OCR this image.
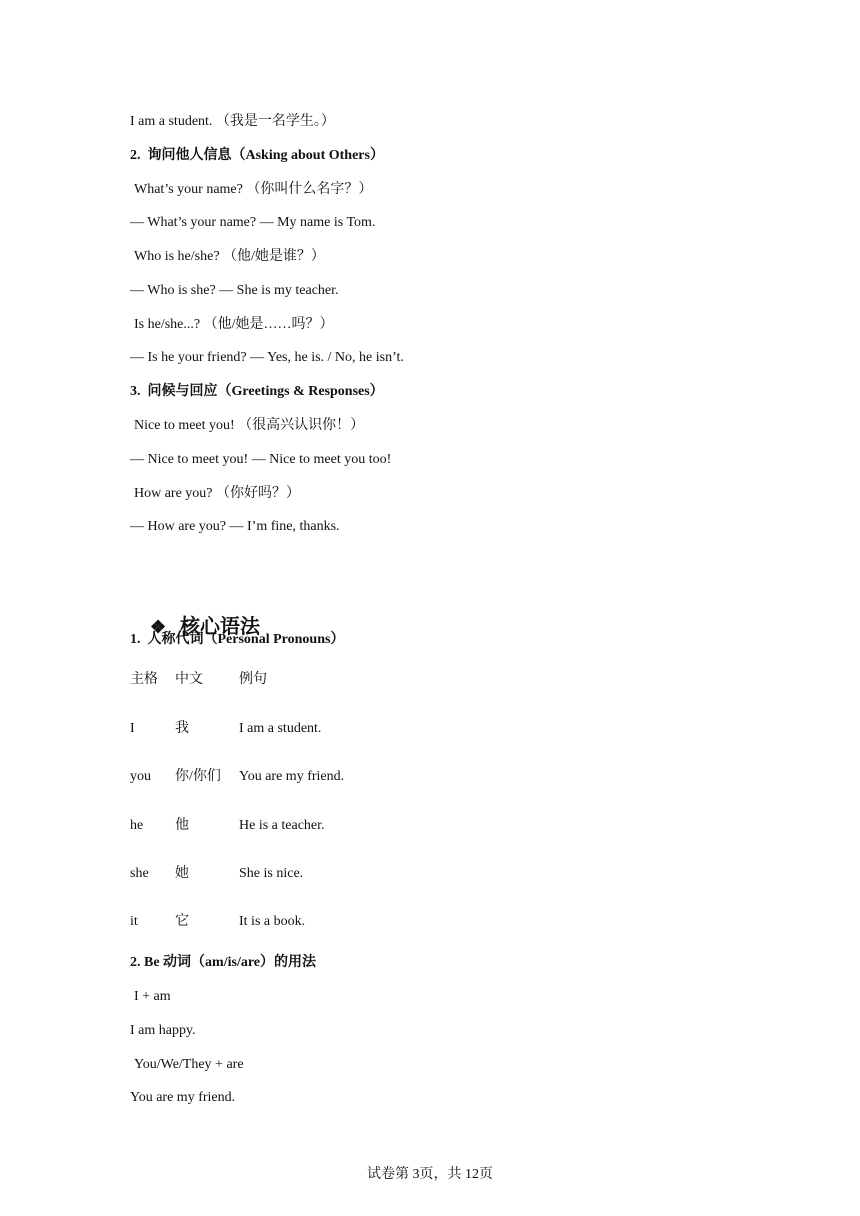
I am a student. （我是一名学生。）
2.  询问他人信息（Asking about Others）
What’s your name? （你叫什么名字？）
— What’s your name? — My name is Tom.
Who is he/she? （他/她是谁？）
— Who is she? — She is my teacher.
Is he/she...? （他/她是……吗？）
— Is he your friend? — Yes, he is. / No, he isn’t.
3.  问候与回应（Greetings & Responses）
Nice to meet you! （很高兴认识你！）
— Nice to meet you! — Nice to meet you too!
How are you? （你好吗？）
— How are you? — I’m fine, thanks.

❖ 核心语法

1.  人称代词（Personal Pronouns）
主格 中文	例句
I	我	I am a student.
you 你/你们 You are my friend.
he 他	He is a teacher.
she 她	She is nice.
it	它	It is a book.
2. Be 动词（am/is/are）的用法
I + am
I am happy.
You/We/They + are
You are my friend.
试卷第 3页，共 12页
